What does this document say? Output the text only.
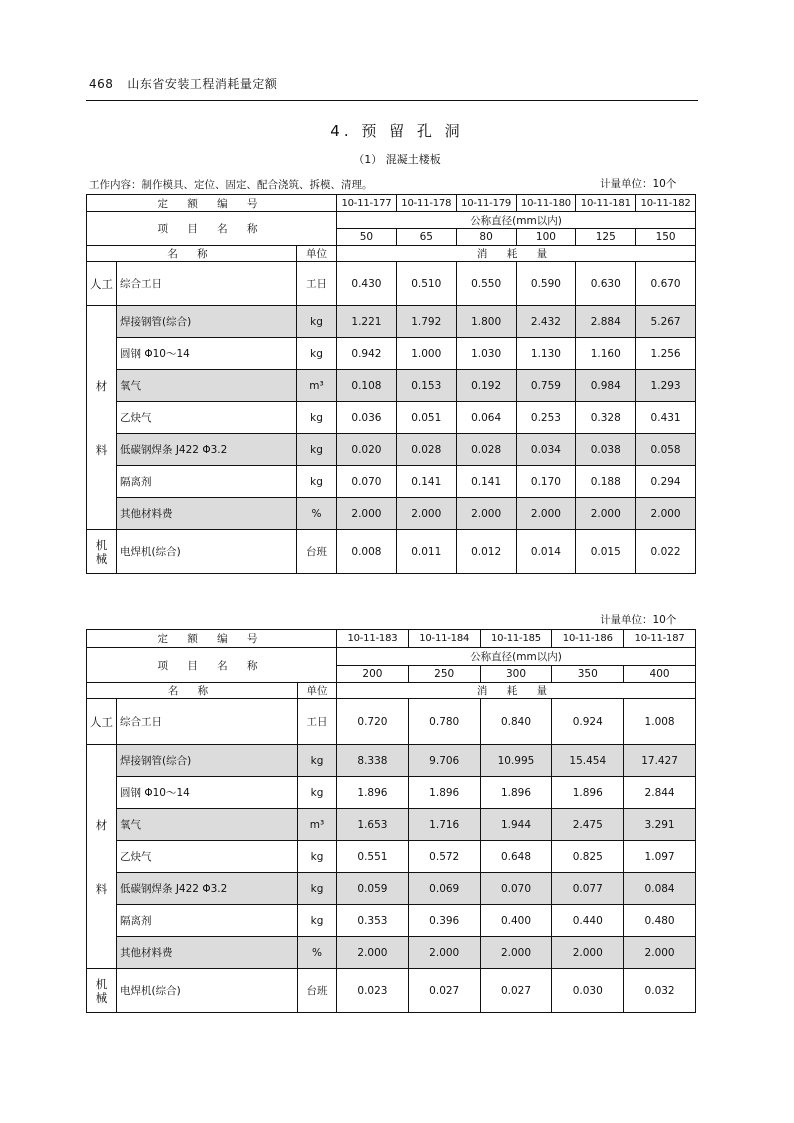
468 山东省安装工程消耗量定额
4. 预 留 孔 洞
（1） 混凝土楼板
工作内容：制作模具、定位、固定、配合浇筑、拆模、清理。	计量单位：10个
定 额 编 号			10-11-177	10-11-178	10-11-179	10-11-180	10-11-181	10-11-182
项 目 名 称			公称直径(mm以内)					
			50	65	80	100	125	150
名 称		单位	消 耗 量					
人工	综合工日	工日	0.430	0.510	0.550	0.590	0.630	0.670
材料	焊接钢管(综合)	kg	1.221	1.792	1.800	2.432	2.884	5.267
	圆钢 Φ10～14	kg	0.942	1.000	1.030	1.130	1.160	1.256
	氧气	m³	0.108	0.153	0.192	0.759	0.984	1.293
	乙炔气	kg	0.036	0.051	0.064	0.253	0.328	0.431
	低碳钢焊条 J422 Φ3.2	kg	0.020	0.028	0.028	0.034	0.038	0.058
	隔离剂	kg	0.070	0.141	0.141	0.170	0.188	0.294
	其他材料费	%	2.000	2.000	2.000	2.000	2.000	2.000
机械	电焊机(综合)	台班	0.008	0.011	0.012	0.014	0.015	0.022
计量单位：10个
定 额 编 号			10-11-183	10-11-184	10-11-185	10-11-186	10-11-187
项 目 名 称			公称直径(mm以内)				
			200	250	300	350	400
名 称		单位	消 耗 量				
人工	综合工日	工日	0.720	0.780	0.840	0.924	1.008
材料	焊接钢管(综合)	kg	8.338	9.706	10.995	15.454	17.427
	圆钢 Φ10～14	kg	1.896	1.896	1.896	1.896	2.844
	氧气	m³	1.653	1.716	1.944	2.475	3.291
	乙炔气	kg	0.551	0.572	0.648	0.825	1.097
	低碳钢焊条 J422 Φ3.2	kg	0.059	0.069	0.070	0.077	0.084
	隔离剂	kg	0.353	0.396	0.400	0.440	0.480
	其他材料费	%	2.000	2.000	2.000	2.000	2.000
机械	电焊机(综合)	台班	0.023	0.027	0.027	0.030	0.032
